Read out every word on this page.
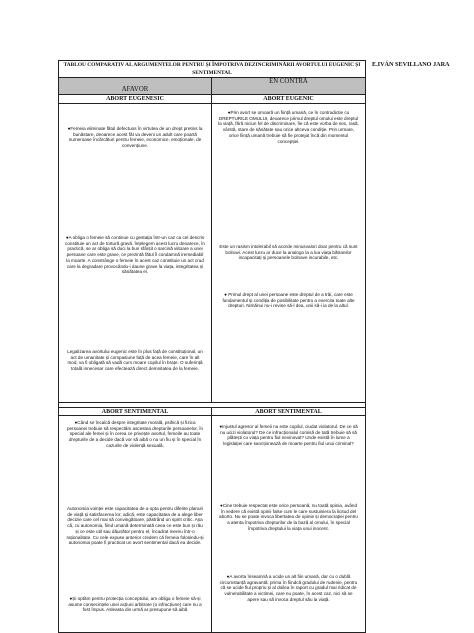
E.IVÁN SEVILLANO JARA
TABLOU COMPARATIV AL ARGUMENTELOR PENTRU ȘI ÎMPOTRIVA DEZINCRIMINĂRII AVORTULUI EUGENIC ȘI SENTIMENTAL
AFAVOR
EN CONTRA
ABORT EUGENESIC	ABORT EUGENIC
●Femeia eliminate fătul defectuos în virtutea de un drept pretins la bunăstare, deoarece acest făt va deveni un adult care poartă numeroase încărcături pentru femeie, economice, emoționale, de convențiune.
●A obliga o femeie să continue cu gestația într-un caz ca cel descris constituie un act de tortură gravă. Înțelegem acest lucru deoarece, în practică, se ar obliga să duci la bun sfârșit o sarcină viitoare a unei persoane care este grave, ce prezintă fătul îl condamnă iremediabil la moarte. A constrânge o femeie în acest caz constituie un act crud care la degradare provocându-i daune grave la viața, integritatea și sănătatea ei.
Legalizarea avortului eugenic este în plus față de constituțional, un act de umanitate și compasiune față de acea femeie, care în alt mod, va fi obligată să vadă cum moare copilul în brațe. O suferință totală innecesar care efectează direct demnitatea de la femeie.
●Prin avort se omoară un ființă umană, ce în contradictie cu DREPTURILE OMULUI, deoarece primul dreptul omului este dreptul la viață, fără niciun fel de discriminare, fie că este vorba de sex, rasă, vârstă, stare de sănătate sau orice altceva condiție. Prin urmare, orice ființă umană trebuie să fie protejat încă din momentul concepției.
Este un rasism intolerabil să acorde minusvalori doar pentru că sunt bolnavi. Acest lucru ar duce la analogo la a lua viața bătranilor incapacitați și persoanele bolnave incurabile, etc.
● Primul drept al unei persoane este dreptul de a trăi, care este fundamentul și condiția de posibilitate pentru a exercita toate alte drepturi. Nimănui nu-i revine să-l dea, unii să-i ia de la altul.
ABORT SENTIMENTAL	ABORT SENTIMENTAL
●Când se încalcă despre integritate morală, psihică și fizica persoanei trebuie să respectăm ascestea drepturile persoanelor, în special ale femei și în cerea ce privește avortul, femeile au toate drepturile de a decide dacă vor să aibă o nu un fiu și în special în cazurile de violență sexuală.
Autonomia voinței este capacitatea de a opta pentru diferite planuri de viață și satisfacerea lor; adică, este capacitatea de a alege liber decizie care cel mai să convingătoare, păstrând un spirit critic. Așa că, cu autonomia, fiind umană determinată ceea ce este bun și rău și ce este util sau dăunător pentru el, încadrat mereu într-o raționalitate. Cu cele expuse anterior credem că femeia folosindu-și autonomia poate fi practicat un avort sentimental dacă ea decide.
●Și optăm pentru protecția conceptului, am obliga o femeie să-și asume consecințele unei acțiuni arbitrare (o infracțiune) care nu a fost împus. Asleasta din urmă ar presupune să aibă
●Injustul agresor al femeii nu este copilul, ciudat violatorul. De ce să nu ucizi violatorul? De ce infracționalul comisă de tată trebuie să să plătești cu viața pentru fiul nevinovat? Unde există în lume a legislației care sancționează de moarte pentru fiul unui criminal?
●Cine trebuie respectat este orice persoană, nu toată opinia, având în vedere că există opinii false cum le care sustuiniera la licitud del aborto. Nu se poate invoca libertatea de opinie și democrației pentru a atenta împotriva drepturilor de la bază al omului, în special împotriva dreptului la viața unui inocent.
●A avorta înseamnă a ucide un alt fiin umană, dar cu o dublă circumstanță agravantă: prima în fiindcă gradului de rudenie, pentru că se ucide fiul propriu și al doilea în raport cu gradul mai ridicat de vulnerabilitate a victimei, care nu poate, în acest caz, nici să se apere sau să invoca dreptul său la viață.
